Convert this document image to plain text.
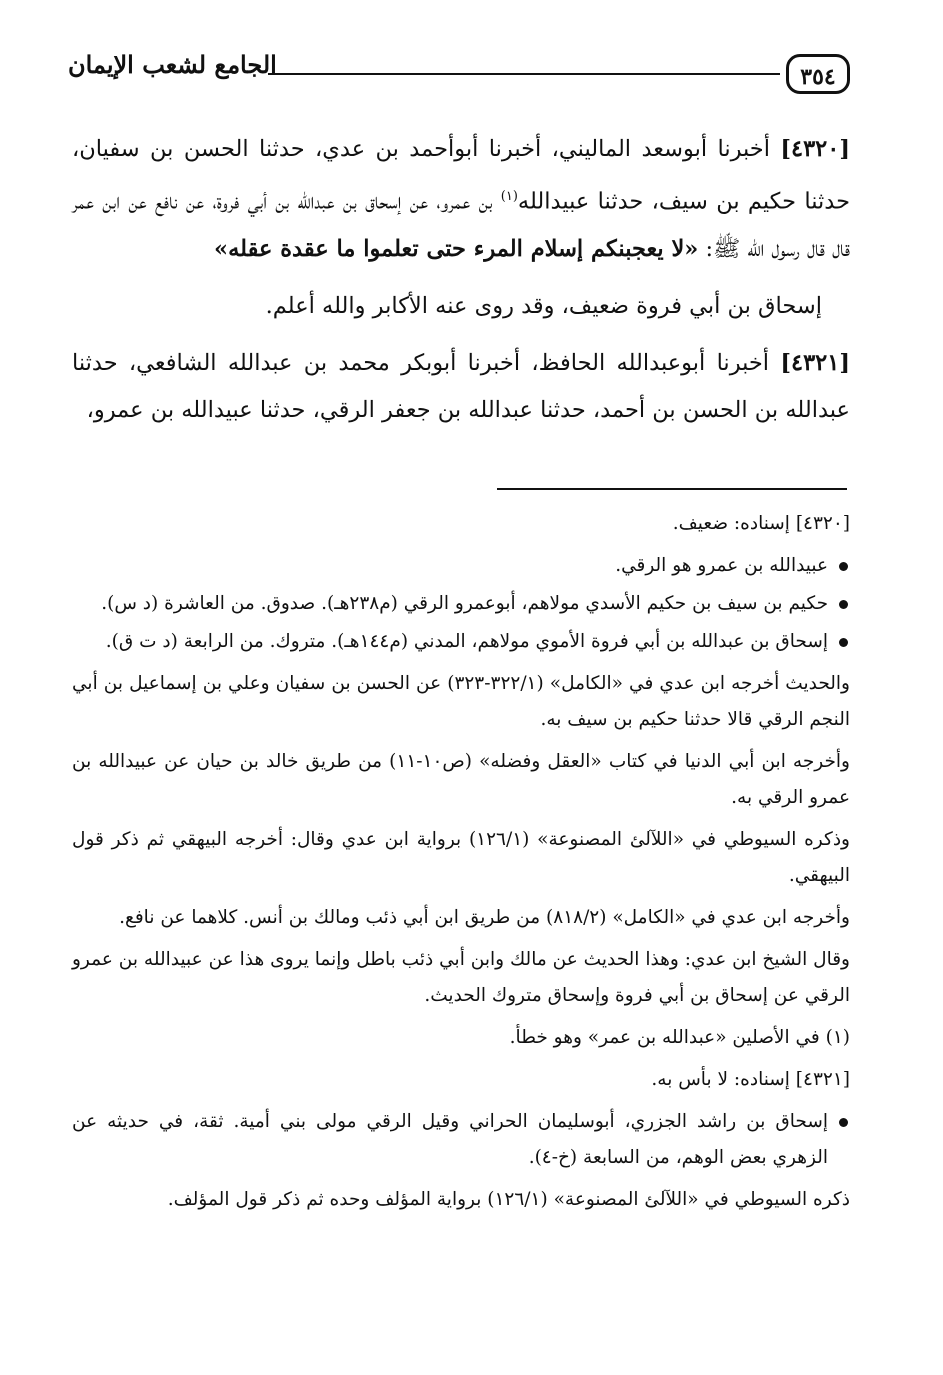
٣٥٤
الجامع لشعب الإيمان

[٤٣٢٠] أخبرنا أبوسعد الماليني، أخبرنا أبوأحمد بن عدي، حدثنا الحسن بن سفيان، حدثنا حكيم بن سيف، حدثنا عبيدالله$^{(١)}$ بن عمرو، عن إسحاق بن عبدالله بن أبي فروة، عن نافع عن ابن عمر قال قال رسول الله ﷺ: «لا يعجبنكم إسلام المرء حتى تعلموا ما عقدة عقله»

إسحاق بن أبي فروة ضعيف، وقد روى عنه الأكابر والله أعلم.

[٤٣٢١] أخبرنا أبوعبدالله الحافظ، أخبرنا أبوبكر محمد بن عبدالله الشافعي، حدثنا عبدالله بن الحسن بن أحمد، حدثنا عبدالله بن جعفر الرقي، حدثنا عبيدالله بن عمرو،

[٤٣٢٠] إسناده: ضعيف.

عبيدالله بن عمرو هو الرقي.
حكيم بن سيف بن حكيم الأسدي مولاهم، أبوعمرو الرقي (م٢٣٨هـ). صدوق. من العاشرة (د س).
إسحاق بن عبدالله بن أبي فروة الأموي مولاهم، المدني (م١٤٤هـ). متروك. من الرابعة (د ت ق).

والحديث أخرجه ابن عدي في «الكامل» (٣٢٢/١-٣٢٣) عن الحسن بن سفيان وعلي بن إسماعيل بن أبي النجم الرقي قالا حدثنا حكيم بن سيف به.

وأخرجه ابن أبي الدنيا في كتاب «العقل وفضله» (ص١٠-١١) من طريق خالد بن حيان عن عبيدالله بن عمرو الرقي به.

وذكره السيوطي في «اللآلئ المصنوعة» (١٢٦/١) برواية ابن عدي وقال: أخرجه البيهقي ثم ذكر قول البيهقي.

وأخرجه ابن عدي في «الكامل» (٨١٨/٢) من طريق ابن أبي ذئب ومالك بن أنس. كلاهما عن نافع.

وقال الشيخ ابن عدي: وهذا الحديث عن مالك وابن أبي ذئب باطل وإنما يروى هذا عن عبيدالله بن عمرو الرقي عن إسحاق بن أبي فروة وإسحاق متروك الحديث.

(١) في الأصلين «عبدالله بن عمر» وهو خطأ.

[٤٣٢١] إسناده: لا بأس به.

إسحاق بن راشد الجزري، أبوسليمان الحراني وقيل الرقي مولى بني أمية. ثقة، في حديثه عن الزهري بعض الوهم، من السابعة (خ-٤).

ذكره السيوطي في «اللآلئ المصنوعة» (١٢٦/١) برواية المؤلف وحده ثم ذكر قول المؤلف.
